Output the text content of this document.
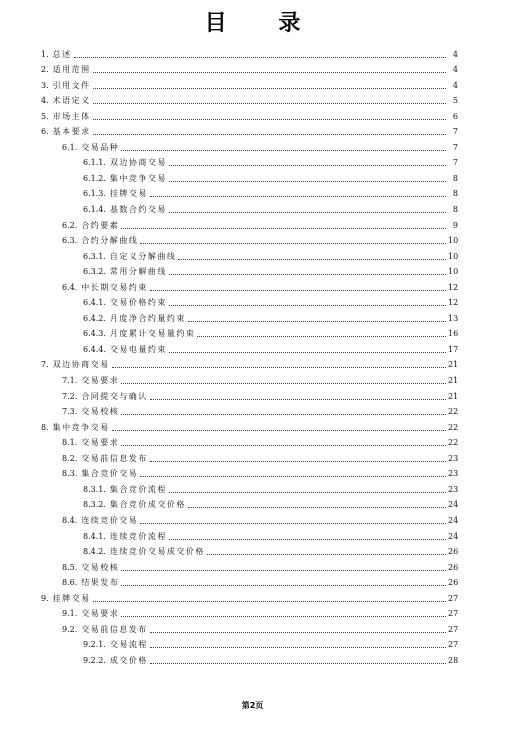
目 录
1. 总述	4
2. 适用范围	4
3. 引用文件	4
4. 术语定义	5
5. 市场主体	6
6. 基本要求	7
6.1. 交易品种	7
6.1.1. 双边协商交易	7
6.1.2. 集中竞争交易	8
6.1.3. 挂牌交易	8
6.1.4. 基数合约交易	8
6.2. 合约要素	9
6.3. 合约分解曲线	10
6.3.1. 自定义分解曲线	10
6.3.2. 常用分解曲线	10
6.4. 中长期交易约束	12
6.4.1. 交易价格约束	12
6.4.2. 月度净合约量约束	13
6.4.3. 月度累计交易量约束	16
6.4.4. 交易电量约束	17
7. 双边协商交易	21
7.1. 交易要求	21
7.2. 合同提交与确认	21
7.3. 交易校核	22
8. 集中竞争交易	22
8.1. 交易要求	22
8.2. 交易前信息发布	23
8.3. 集合竞价交易	23
8.3.1. 集合竞价流程	23
8.3.2. 集合竞价成交价格	24
8.4. 连续竞价交易	24
8.4.1. 连续竞价流程	24
8.4.2. 连续竞价交易成交价格	26
8.5. 交易校核	26
8.6. 结果发布	26
9. 挂牌交易	27
9.1. 交易要求	27
9.2. 交易前信息发布	27
9.2.1. 交易流程	27
9.2.2. 成交价格	28
第2页
